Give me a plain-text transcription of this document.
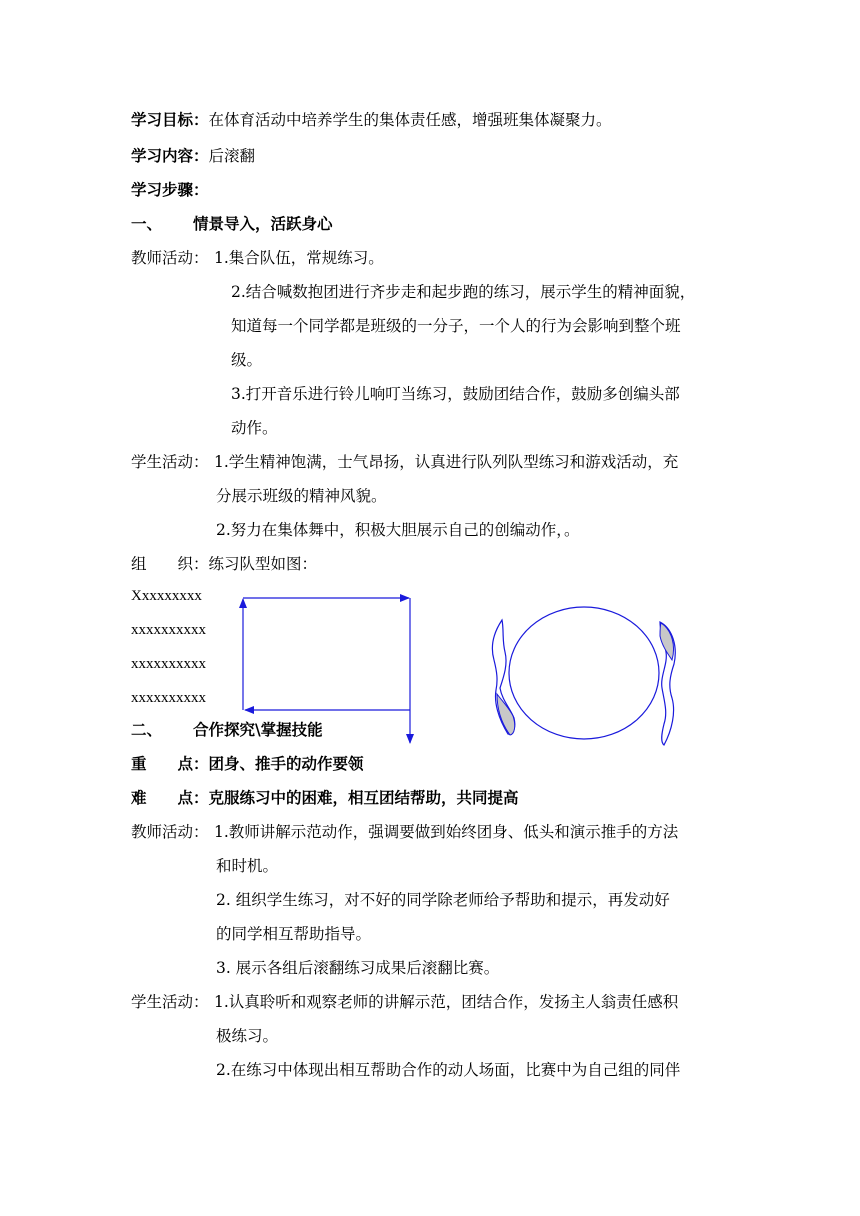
学习目标：在体育活动中培养学生的集体责任感，增强班集体凝聚力。
学习内容：后滚翻
学习步骤：
一、 情景导入，活跃身心
教师活动： 1.集合队伍，常规练习。
2.结合喊数抱团进行齐步走和起步跑的练习，展示学生的精神面貌，
知道每一个同学都是班级的一分子，一个人的行为会影响到整个班
级。
3.打开音乐进行铃儿响叮当练习，鼓励团结合作，鼓励多创编头部
动作。
学生活动： 1.学生精神饱满，士气昂扬，认真进行队列队型练习和游戏活动，充
分展示班级的精神风貌。
2.努力在集体舞中，积极大胆展示自己的创编动作，。
组　　织：练习队型如图：
Xxxxxxxxx
xxxxxxxxxx
xxxxxxxxxx
xxxxxxxxxx
二、 合作探究\掌握技能
重　　点：团身、推手的动作要领
难　　点：克服练习中的困难，相互团结帮助，共同提高
教师活动： 1.教师讲解示范动作，强调要做到始终团身、低头和演示推手的方法
和时机。
2. 组织学生练习，对不好的同学除老师给予帮助和提示，再发动好
的同学相互帮助指导。
3. 展示各组后滚翻练习成果后滚翻比赛。
学生活动： 1.认真聆听和观察老师的讲解示范，团结合作，发扬主人翁责任感积
极练习。
2.在练习中体现出相互帮助合作的动人场面，比赛中为自己组的同伴
